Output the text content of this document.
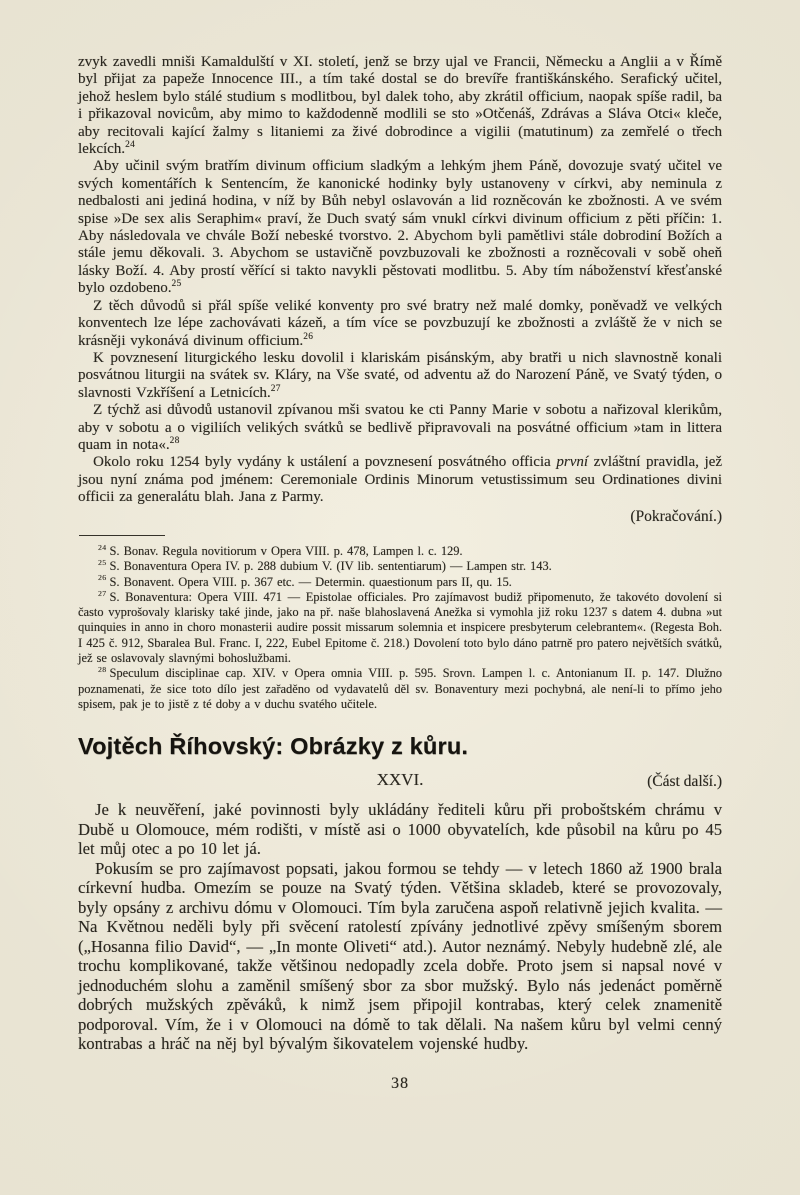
zvyk zavedli mniši Kamaldulští v XI. století, jenž se brzy ujal ve Francii, Německu a Anglii a v Římě byl přijat za papeže Innocence III., a tím také dostal se do brevíře františkánského. Serafický učitel, jehož heslem bylo stálé studium s modlitbou, byl dalek toho, aby zkrátil officium, naopak spíše radil, ba i přikazoval novicům, aby mimo to každodenně modlili se sto »Otčenáš, Zdrávas a Sláva Otci« kleče, aby recitovali kající žalmy s litaniemi za živé dobrodince a vigilii (matutinum) za zemřelé o třech lekcích.$^{24}$

Aby učinil svým bratřím divinum officium sladkým a lehkým jhem Páně, dovozuje svatý učitel ve svých komentářích k Sentencím, že kanonické hodinky byly ustanoveny v církvi, aby neminula z nedbalosti ani jediná hodina, v níž by Bůh nebyl oslavován a lid rozněcován ke zbožnosti. A ve svém spise »De sex alis Seraphim« praví, že Duch svatý sám vnukl církvi divinum officium z pěti příčin: 1. Aby následovala ve chvále Boží nebeské tvorstvo. 2. Abychom byli pamětlivi stále dobrodiní Božích a stále jemu děkovali. 3. Abychom se ustavičně povzbuzovali ke zbožnosti a rozněcovali v sobě oheň lásky Boží. 4. Aby prostí věřící si takto navykli pěstovati modlitbu. 5. Aby tím náboženství křesťanské bylo ozdobeno.$^{25}$

Z těch důvodů si přál spíše veliké konventy pro své bratry než malé domky, poněvadž ve velkých konventech lze lépe zachovávati kázeň, a tím více se povzbuzují ke zbožnosti a zvláště že v nich se krásněji vykonává divinum officium.$^{26}$

K povznesení liturgického lesku dovolil i klariskám pisánským, aby bratři u nich slavnostně konali posvátnou liturgii na svátek sv. Kláry, na Vše svaté, od adventu až do Narození Páně, ve Svatý týden, o slavnosti Vzkříšení a Letnicích.$^{27}$

Z týchž asi důvodů ustanovil zpívanou mši svatou ke cti Panny Marie v sobotu a nařizoval klerikům, aby v sobotu a o vigiliích velikých svátků se bedlivě připravovali na posvátné officium »tam in littera quam in nota«.$^{28}$

Okolo roku 1254 byly vydány k ustálení a povznesení posvátného officia první zvláštní pravidla, jež jsou nyní známa pod jménem: Ceremoniale Ordinis Minorum vetustissimum seu Ordinationes divini officii za generalátu blah. Jana z Parmy.

(Pokračování.)

$^{24}$ S. Bonav. Regula novitiorum v Opera VIII. p. 478, Lampen l. c. 129.

$^{25}$ S. Bonaventura Opera IV. p. 288 dubium V. (IV lib. sententiarum) — Lampen str. 143.

$^{26}$ S. Bonavent. Opera VIII. p. 367 etc. — Determin. quaestionum pars II, qu. 15.

$^{27}$ S. Bonaventura: Opera VIII. 471 — Epistolae officiales. Pro zajímavost budiž připomenuto, že takovéto dovolení si často vyprošovaly klarisky také jinde, jako na př. naše blahoslavená Anežka si vymohla již roku 1237 s datem 4. dubna »ut quinquies in anno in choro monasterii audire possit missarum solemnia et inspicere presbyterum celebrantem«. (Regesta Boh. I 425 č. 912, Sbaralea Bul. Franc. I, 222, Eubel Epitome č. 218.) Dovolení toto bylo dáno patrně pro patero největších svátků, jež se oslavovaly slavnými bohoslužbami.

$^{28}$ Speculum disciplinae cap. XIV. v Opera omnia VIII. p. 595. Srovn. Lampen l. c. Antonianum II. p. 147. Dlužno poznamenati, že sice toto dílo jest zařaděno od vydavatelů děl sv. Bonaventury mezi pochybná, ale není-li to přímo jeho spisem, pak je to jistě z té doby a v duchu svatého učitele.

Vojtěch Říhovský: Obrázky z kůru.
XXVI.	(Část další.)

Je k neuvěření, jaké povinnosti byly ukládány řediteli kůru při proboštském chrámu v Dubě u Olomouce, mém rodišti, v místě asi o 1000 obyvatelích, kde působil na kůru po 45 let můj otec a po 10 let já.

Pokusím se pro zajímavost popsati, jakou formou se tehdy — v letech 1860 až 1900 brala církevní hudba. Omezím se pouze na Svatý týden. Většina skladeb, které se provozovaly, byly opsány z archivu dómu v Olomouci. Tím byla zaručena aspoň relativně jejich kvalita. — Na Květnou neděli byly při svěcení ratolestí zpívány jednotlivé zpěvy smíšeným sborem („Hosanna filio David“, — „In monte Oliveti“ atd.). Autor neznámý. Nebyly hudebně zlé, ale trochu komplikované, takže většinou nedopadly zcela dobře. Proto jsem si napsal nové v jednoduchém slohu a zaměnil smíšený sbor za sbor mužský. Bylo nás jedenáct poměrně dobrých mužských zpěváků, k nimž jsem připojil kontrabas, který celek znamenitě podporoval. Vím, že i v Olomouci na dómě to tak dělali. Na našem kůru byl velmi cenný kontrabas a hráč na něj byl bývalým šikovatelem vojenské hudby.

38
